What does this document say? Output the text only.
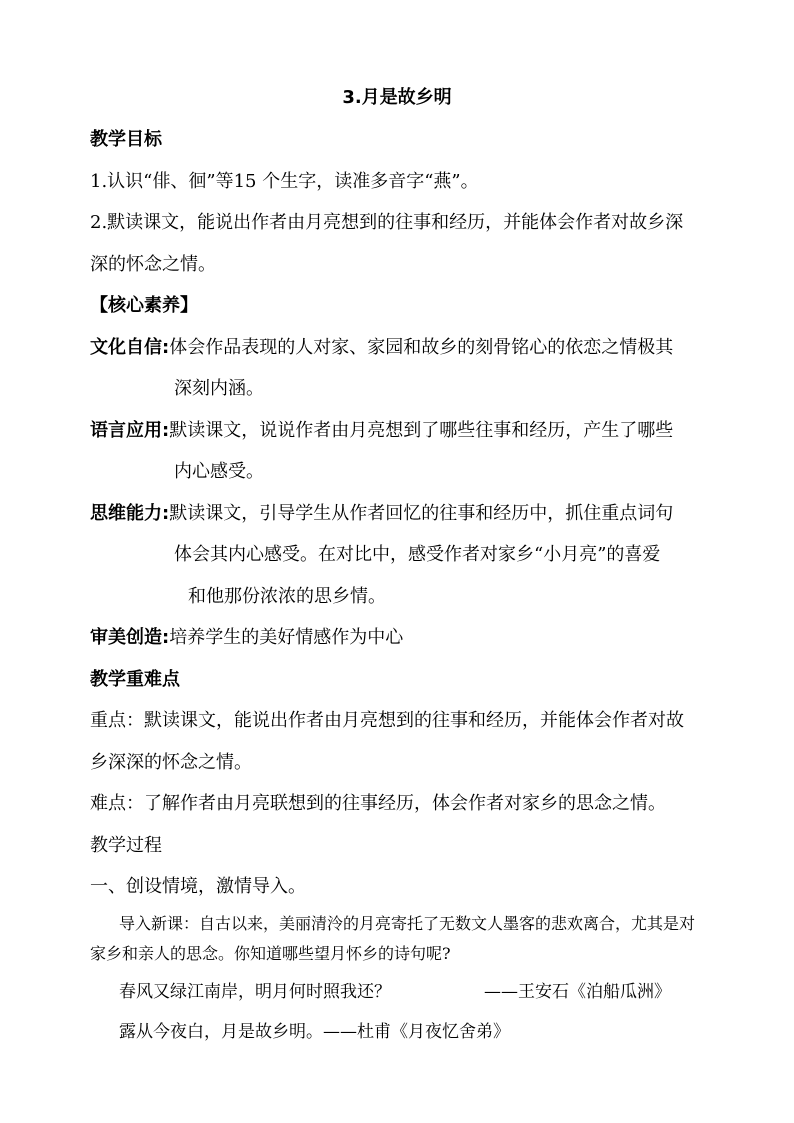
3.月是故乡明
教学目标
1.认识“俳、徊”等15 个生字，读准多音字“燕”。
2.默读课文，能说出作者由月亮想到的往事和经历，并能体会作者对故乡深
深的怀念之情。
【核心素养】
文化自信:体会作品表现的人对家、家园和故乡的刻骨铭心的依恋之情极其
深刻内涵。
语言应用:默读课文，说说作者由月亮想到了哪些往事和经历，产生了哪些
内心感受。
思维能力:默读课文，引导学生从作者回忆的往事和经历中，抓住重点词句
体会其内心感受。在对比中，感受作者对家乡“小月亮”的喜爱
和他那份浓浓的思乡情。
审美创造:培养学生的美好情感作为中心
教学重难点
重点：默读课文，能说出作者由月亮想到的往事和经历，并能体会作者对故
乡深深的怀念之情。
难点：了解作者由月亮联想到的往事经历，体会作者对家乡的思念之情。
教学过程
一、创设情境，激情导入。
导入新课：自古以来，美丽清泠的月亮寄托了无数文人墨客的悲欢离合，尤其是对
家乡和亲人的思念。你知道哪些望月怀乡的诗句呢?
春风又绿江南岸，明月何时照我还？	——王安石《泊船瓜洲》
露从今夜白，月是故乡明。——杜甫《月夜忆舍弟》
